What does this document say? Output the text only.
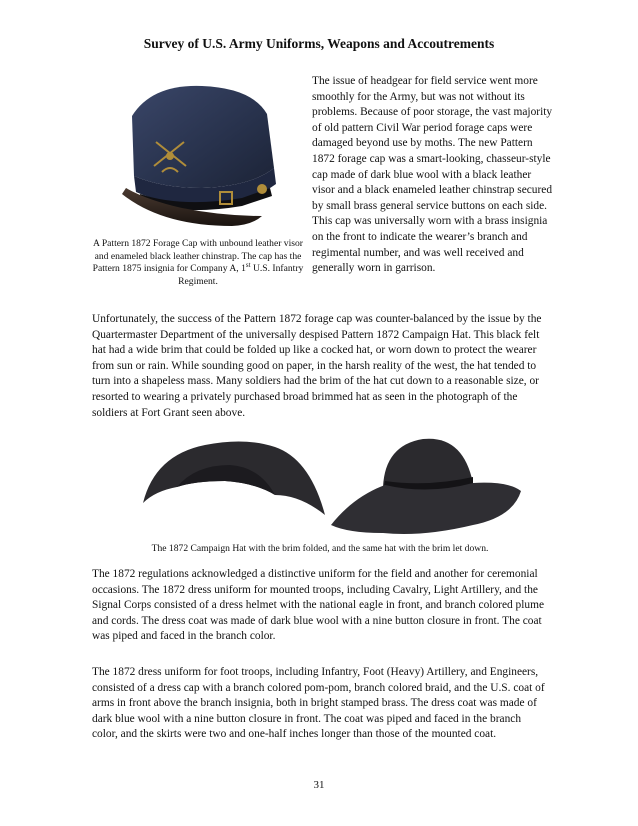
Survey of U.S. Army Uniforms, Weapons and Accoutrements
A Pattern 1872 Forage Cap with unbound leather visor and enameled black leather chinstrap. The cap has the Pattern 1875 insignia for Company A, 1st U.S. Infantry Regiment.
The issue of headgear for field service went more smoothly for the Army, but was not without its problems. Because of poor storage, the vast majority of old pattern Civil War period forage caps were damaged beyond use by moths. The new Pattern 1872 forage cap was a smart-looking, chasseur-style cap made of dark blue wool with a black leather visor and a black enameled leather chinstrap secured by small brass general service buttons on each side. This cap was universally worn with a brass insignia on the front to indicate the wearer’s branch and regimental number, and was well received and generally worn in garrison.
Unfortunately, the success of the Pattern 1872 forage cap was counter-balanced by the issue by the Quartermaster Department of the universally despised Pattern 1872 Campaign Hat. This black felt hat had a wide brim that could be folded up like a cocked hat, or worn down to protect the wearer from sun or rain. While sounding good on paper, in the harsh reality of the west, the hat tended to turn into a shapeless mass. Many soldiers had the brim of the hat cut down to a reasonable size, or resorted to wearing a privately purchased broad brimmed hat as seen in the photograph of the soldiers at Fort Grant seen above.
The 1872 Campaign Hat with the brim folded, and the same hat with the brim let down.
The 1872 regulations acknowledged a distinctive uniform for the field and another for ceremonial occasions. The 1872 dress uniform for mounted troops, including Cavalry, Light Artillery, and the Signal Corps consisted of a dress helmet with the national eagle in front, and branch colored plume and cords. The dress coat was made of dark blue wool with a nine button closure in front. The coat was piped and faced in the branch color.
The 1872 dress uniform for foot troops, including Infantry, Foot (Heavy) Artillery, and Engineers, consisted of a dress cap with a branch colored pom-pom, branch colored braid, and the U.S. coat of arms in front above the branch insignia, both in bright stamped brass. The dress coat was made of dark blue wool with a nine button closure in front. The coat was piped and faced in the branch color, and the skirts were two and one-half inches longer than those of the mounted coat.
31
